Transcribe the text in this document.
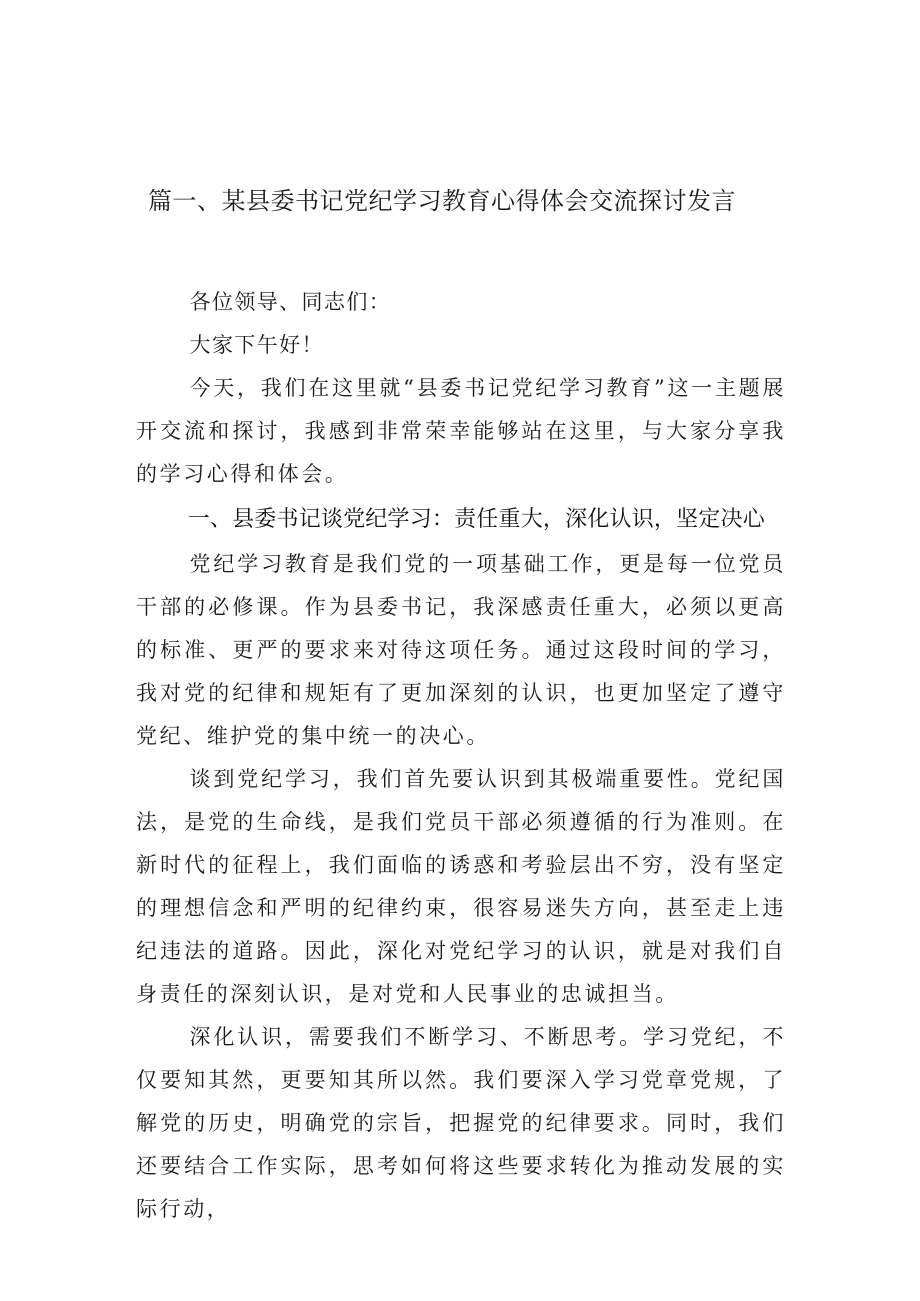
篇一、某县委书记党纪学习教育心得体会交流探讨发言

各位领导、同志们：

大家下午好！

今天，我们在这里就“县委书记党纪学习教育”这一主题展开交流和探讨，我感到非常荣幸能够站在这里，与大家分享我的学习心得和体会。

一、县委书记谈党纪学习：责任重大，深化认识，坚定决心

党纪学习教育是我们党的一项基础工作，更是每一位党员干部的必修课。作为县委书记，我深感责任重大，必须以更高的标准、更严的要求来对待这项任务。通过这段时间的学习，我对党的纪律和规矩有了更加深刻的认识，也更加坚定了遵守党纪、维护党的集中统一的决心。

谈到党纪学习，我们首先要认识到其极端重要性。党纪国法，是党的生命线，是我们党员干部必须遵循的行为准则。在新时代的征程上，我们面临的诱惑和考验层出不穷，没有坚定的理想信念和严明的纪律约束，很容易迷失方向，甚至走上违纪违法的道路。因此，深化对党纪学习的认识，就是对我们自身责任的深刻认识，是对党和人民事业的忠诚担当。

深化认识，需要我们不断学习、不断思考。学习党纪，不仅要知其然，更要知其所以然。我们要深入学习党章党规，了解党的历史，明确党的宗旨，把握党的纪律要求。同时，我们还要结合工作实际，思考如何将这些要求转化为推动发展的实际行动，
